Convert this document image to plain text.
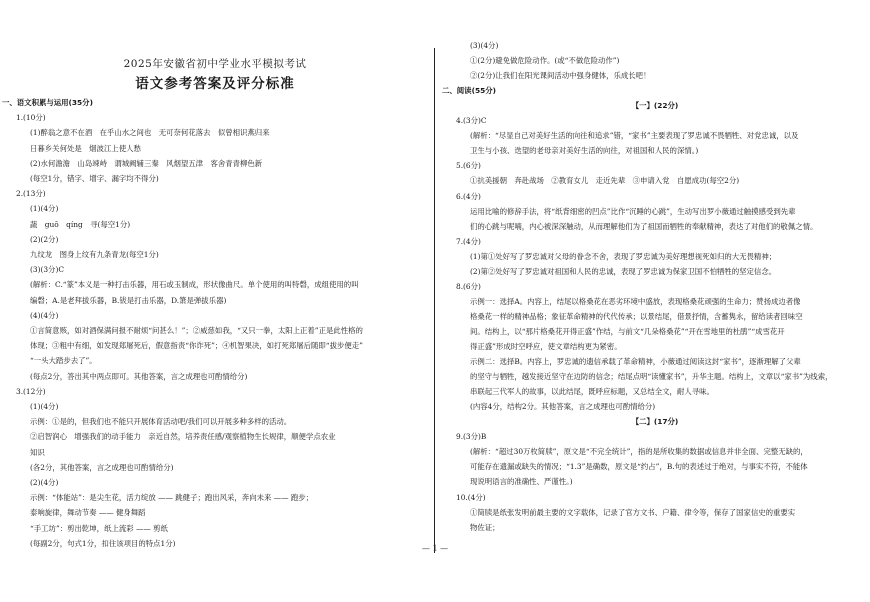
2025年安徽省初中学业水平模拟考试
语文参考答案及评分标准
一、语文积累与运用(35分)
1.(10分)
(1)醉翁之意不在酒　在乎山水之间也　无可奈何花落去　似曾相识燕归来
日暮乡关何处是　烟波江上使人愁
(2)水何澹澹　山岛竦峙　谓城阙辅三秦　风烟望五津　客舍青青柳色新
(每空1分，错字、增字、漏字均不得分)
2.(13分)
(1)(4分)
蔬　guō　qíng　寻(每空1分)
(2)(2分)
九纹龙　图身上纹有九条青龙(每空1分)
(3)(3分)C
(解析：C.“篆”本义是一种打击乐器，用石或玉制成，形状像曲尺。单个使用的叫特磬，成组使用的叫
编磬；A.是老拜拔乐器，B.钹是打击乐器，D.箫是弹拔乐器)
(4)(4分)
①言简意赅，如对酒保满问报不耐烦“问甚么！”；②威慈如我，“又只一拳，太阳上正着”正是此性格的
体现；③粗中有细，如发现郑屠死后，假意指责“你诈死”；④机智果决，如打死郑屠后随即“拔步便走”
“一头大踏步去了”。
(每点2分，答出其中两点即可。其他答案，言之成理也可酌情给分)
3.(12分)
(1)(4分)
示例：①是的，但我们也不能只开展体育活动吧/我们可以开展多种多样的活动。
②启智润心　增强我们的动手能力　亲近自然，培养责任感/观察植物生长规律，顺便学点农业
知识
(各2分，其他答案，言之成理也可酌情给分)
(2)(4分)
示例：“体能站”：是尖生花，活力绽放 —— 跳健子；跑出风采，奔向未来 —— 跑步；
泰响旋律，舞动节奏 —— 健身舞蹈
“手工坊”：剪出乾坤，纸上流彩 —— 剪纸
(每副2分，句式1分，扣住该项目的特点1分)
(3)(4分)
①(2分)避免做危险动作。(或“不做危险动作”)
②(2分)让我们在阳光课间活动中强身健体，乐成长吧！
二、阅读(55分)
【一】(22分)
4.(3分)C
(解析：“尽显自己对美好生活的向往和追求”错，“家书”主要表现了罗忠诚不畏牺牲、对党忠诚，以及
卫生与小孩、迭望的老母亲对美好生活的向往，对祖国和人民的深情。)
5.(6分)
①抗美援朝　奔赴战场　②教育女儿　走近先辈　③申请入党　自愿成功(每空2分)
6.(4分)
运用比喻的修辞手法，将“纸背细密的凹点”比作“沉睡的心跳”，生动写出罗小薇通过触摸感受到先辈
们的心跳与呢喃，内心被深深触动，从而理解他们为了祖国而牺牲的奉献精神，表达了对他们的敬佩之情。
7.(4分)
(1)第①处好写了罗忠诚对父母的眷念不舍，表现了罗忠诚为美好理想视死如归的大无畏精神；
(2)第②处好写了罗忠诚对祖国和人民的忠诚，表现了罗忠诚为保家卫国不怕牺牲的坚定信念。
8.(6分)
示例一：选择A。内容上，结尾以格桑花在恶劣环境中盛放，表现格桑花顽强的生命力；赞扬成边者像
格桑花一样的精神品格；象征革命精神的代代传承；以景结尾，借景抒情，含蓄隽永，留给读者回味空
间。结构上，以“那片格桑花开得正盛”作结，与前文“几朵格桑花”“开在雪地里的杜鹃”“成雪花开
得正盛”形成时空呼应，使文章结构更为紧密。
示例二：选择B。内容上，罗忠诚的遗信承载了革命精神，小薇通过阅读这封“家书”，逐渐理解了父辈
的坚守与牺牲，越发接近坚守在边防的信念；结尾点明“读懂家书”，升华主题。结构上，文章以“家书”为线索，
串联起三代军人的故事，以此结尾，既呼应标题，又总结全文，耐人寻味。
(内容4分，结构2分。其他答案，言之成理也可酌情给分)
【二】(17分)
9.(3分)B
(解析：“超过30万枚简牍”，原文是“不完全统计”，指的是所收集的数据或信息并非全面、完整无缺的，
可能存在遗漏或缺失的情况；“1.3”是确数，原文是“约占”，B.句的表述过于绝对，与事实不符，不能体
现说明语言的准确性、严谨性。)
10.(4分)
①简牍是纸张发明前最主要的文字载体，记录了官方文书、户籍、律令等，保存了国家信史的重要实
物佐证；
— 1 —
